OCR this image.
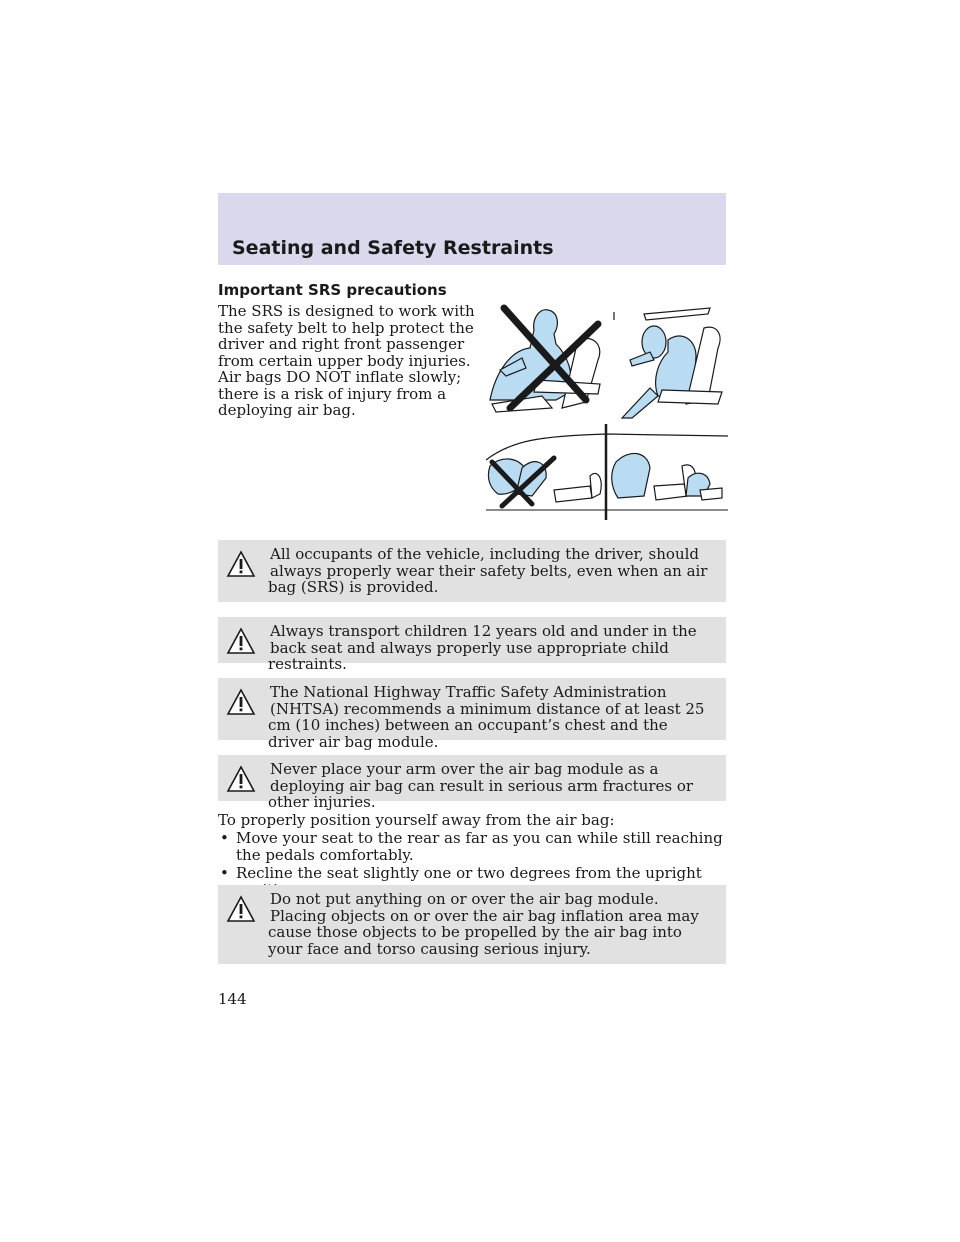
Seating and Safety Restraints
Important SRS precautions
The SRS is designed to work with the safety belt to help protect the driver and right front passenger from certain upper body injuries. Air bags DO NOT inflate slowly; there is a risk of injury from a deploying air bag.

All occupants of the vehicle, including the driver, should always properly wear their safety belts, even when an air bag (SRS) is provided.

Always transport children 12 years old and under in the back seat and always properly use appropriate child restraints.

The National Highway Traffic Safety Administration (NHTSA) recommends a minimum distance of at least 25 cm (10 inches) between an occupant’s chest and the driver air bag module.

Never place your arm over the air bag module as a deploying air bag can result in serious arm fractures or other injuries.

To properly position yourself away from the air bag:
• Move your seat to the rear as far as you can while still reaching the pedals comfortably.
• Recline the seat slightly one or two degrees from the upright

Do not put anything on or over the air bag module. Placing objects on or over the air bag inflation area may cause those objects to be propelled by the air bag into your face and torso causing serious injury.

144
